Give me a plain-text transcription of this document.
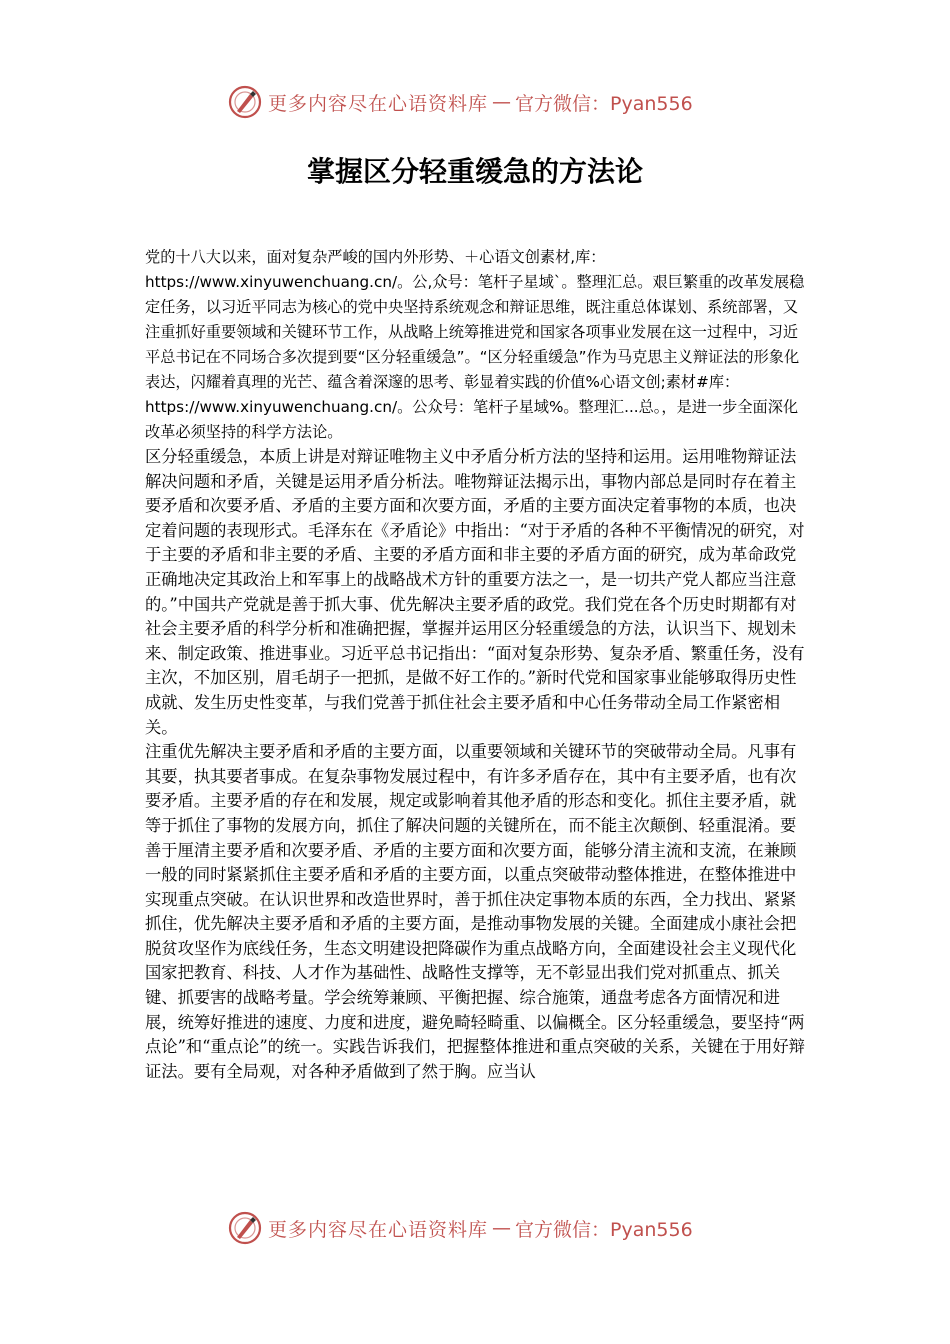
更多内容尽在心语资料库 — 官方微信：Pyan556
掌握区分轻重缓急的方法论

党的十八大以来，面对复杂严峻的国内外形势、＋心语文创素材,库：https://www.xinyuwenchuang.cn/。公,众号：笔杆子星域`。整理汇总。艰巨繁重的改革发展稳定任务，以习近平同志为核心的党中央坚持系统观念和辩证思维，既注重总体谋划、系统部署，又注重抓好重要领域和关键环节工作，从战略上统筹推进党和国家各项事业发展在这一过程中，习近平总书记在不同场合多次提到要“区分轻重缓急”。“区分轻重缓急”作为马克思主义辩证法的形象化表达，闪耀着真理的光芒、蕴含着深邃的思考、彰显着实践的价值%心语文创;素材#库：https://www.xinyuwenchuang.cn/。公众号：笔杆子星域%。整理汇...总。，是进一步全面深化改革必须坚持的科学方法论。

区分轻重缓急，本质上讲是对辩证唯物主义中矛盾分析方法的坚持和运用。运用唯物辩证法解决问题和矛盾，关键是运用矛盾分析法。唯物辩证法揭示出，事物内部总是同时存在着主要矛盾和次要矛盾、矛盾的主要方面和次要方面，矛盾的主要方面决定着事物的本质，也决定着问题的表现形式。毛泽东在《矛盾论》中指出：“对于矛盾的各种不平衡情况的研究，对于主要的矛盾和非主要的矛盾、主要的矛盾方面和非主要的矛盾方面的研究，成为革命政党正确地决定其政治上和军事上的战略战术方针的重要方法之一，是一切共产党人都应当注意的。”中国共产党就是善于抓大事、优先解决主要矛盾的政党。我们党在各个历史时期都有对社会主要矛盾的科学分析和准确把握，掌握并运用区分轻重缓急的方法，认识当下、规划未来、制定政策、推进事业。习近平总书记指出：“面对复杂形势、复杂矛盾、繁重任务，没有主次，不加区别，眉毛胡子一把抓，是做不好工作的。”新时代党和国家事业能够取得历史性成就、发生历史性变革，与我们党善于抓住社会主要矛盾和中心任务带动全局工作紧密相关。

注重优先解决主要矛盾和矛盾的主要方面，以重要领域和关键环节的突破带动全局。凡事有其要，执其要者事成。在复杂事物发展过程中，有许多矛盾存在，其中有主要矛盾，也有次要矛盾。主要矛盾的存在和发展，规定或影响着其他矛盾的形态和变化。抓住主要矛盾，就等于抓住了事物的发展方向，抓住了解决问题的关键所在，而不能主次颠倒、轻重混淆。要善于厘清主要矛盾和次要矛盾、矛盾的主要方面和次要方面，能够分清主流和支流，在兼顾一般的同时紧紧抓住主要矛盾和矛盾的主要方面，以重点突破带动整体推进，在整体推进中实现重点突破。在认识世界和改造世界时，善于抓住决定事物本质的东西，全力找出、紧紧抓住，优先解决主要矛盾和矛盾的主要方面，是推动事物发展的关键。全面建成小康社会把脱贫攻坚作为底线任务，生态文明建设把降碳作为重点战略方向，全面建设社会主义现代化国家把教育、科技、人才作为基础性、战略性支撑等，无不彰显出我们党对抓重点、抓关键、抓要害的战略考量。学会统筹兼顾、平衡把握、综合施策，通盘考虑各方面情况和进展，统筹好推进的速度、力度和进度，避免畸轻畸重、以偏概全。区分轻重缓急，要坚持“两点论”和“重点论”的统一。实践告诉我们，把握整体推进和重点突破的关系，关键在于用好辩证法。要有全局观，对各种矛盾做到了然于胸。应当认

更多内容尽在心语资料库 — 官方微信：Pyan556
